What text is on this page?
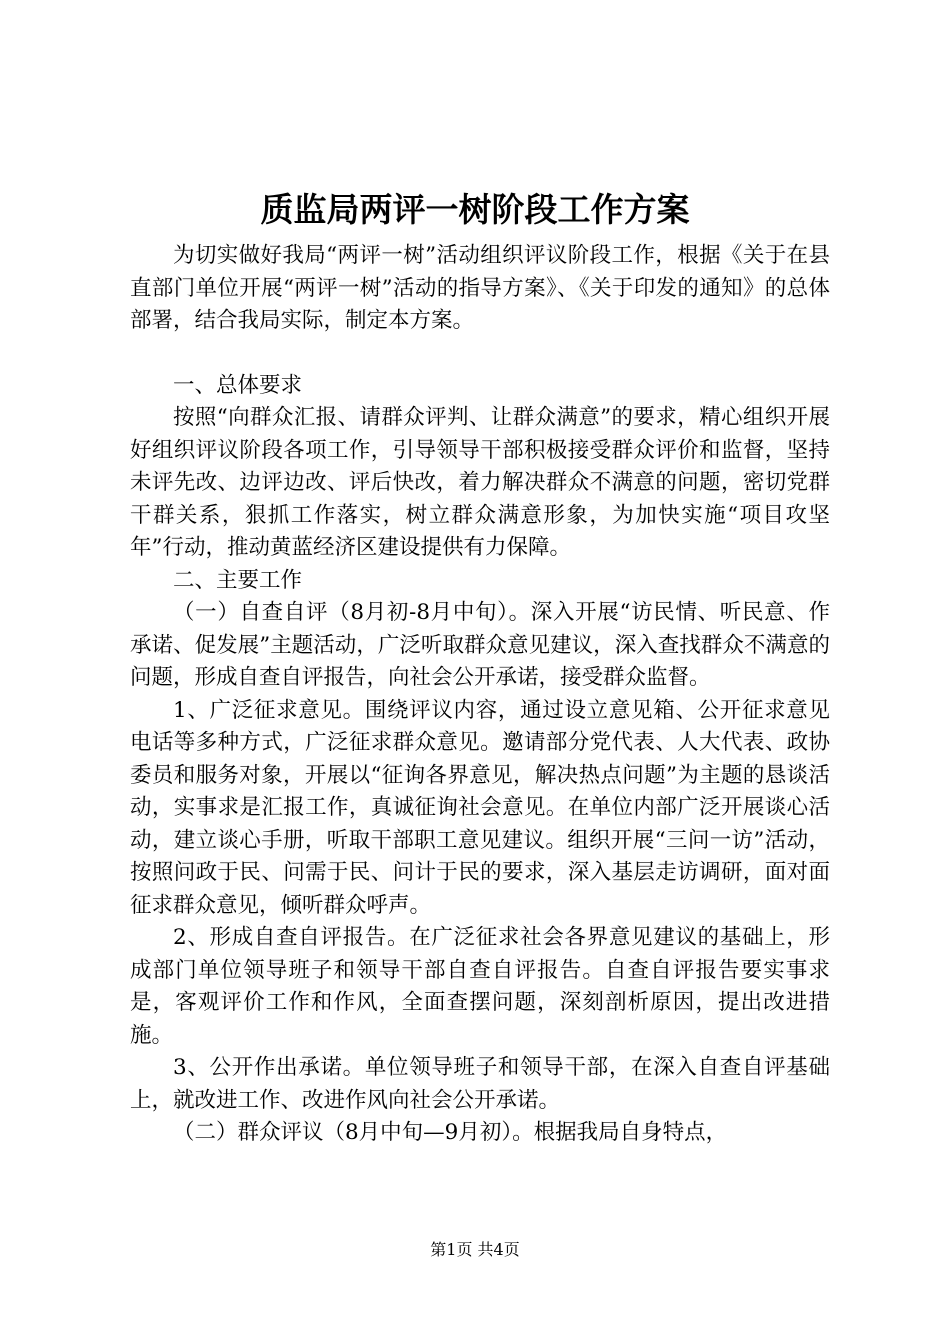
质监局两评一树阶段工作方案

为切实做好我局“两评一树”活动组织评议阶段工作，根据《关于在县直部门单位开展“两评一树”活动的指导方案》、《关于印发的通知》的总体部署，结合我局实际，制定本方案。

一、总体要求

按照“向群众汇报、请群众评判、让群众满意”的要求，精心组织开展好组织评议阶段各项工作，引导领导干部积极接受群众评价和监督，坚持未评先改、边评边改、评后快改，着力解决群众不满意的问题，密切党群干群关系，狠抓工作落实，树立群众满意形象，为加快实施“项目攻坚年”行动，推动黄蓝经济区建设提供有力保障。

二、主要工作

（一）自查自评（8月初-8月中旬）。深入开展“访民情、听民意、作承诺、促发展”主题活动，广泛听取群众意见建议，深入查找群众不满意的问题，形成自查自评报告，向社会公开承诺，接受群众监督。

1、广泛征求意见。围绕评议内容，通过设立意见箱、公开征求意见电话等多种方式，广泛征求群众意见。邀请部分党代表、人大代表、政协委员和服务对象，开展以“征询各界意见，解决热点问题”为主题的恳谈活动，实事求是汇报工作，真诚征询社会意见。在单位内部广泛开展谈心活动，建立谈心手册，听取干部职工意见建议。组织开展“三问一访”活动，按照问政于民、问需于民、问计于民的要求，深入基层走访调研，面对面征求群众意见，倾听群众呼声。

2、形成自查自评报告。在广泛征求社会各界意见建议的基础上，形成部门单位领导班子和领导干部自查自评报告。自查自评报告要实事求是，客观评价工作和作风，全面查摆问题，深刻剖析原因，提出改进措施。

3、公开作出承诺。单位领导班子和领导干部，在深入自查自评基础上，就改进工作、改进作风向社会公开承诺。

（二）群众评议（8月中旬—9月初）。根据我局自身特点，

第1页 共4页
